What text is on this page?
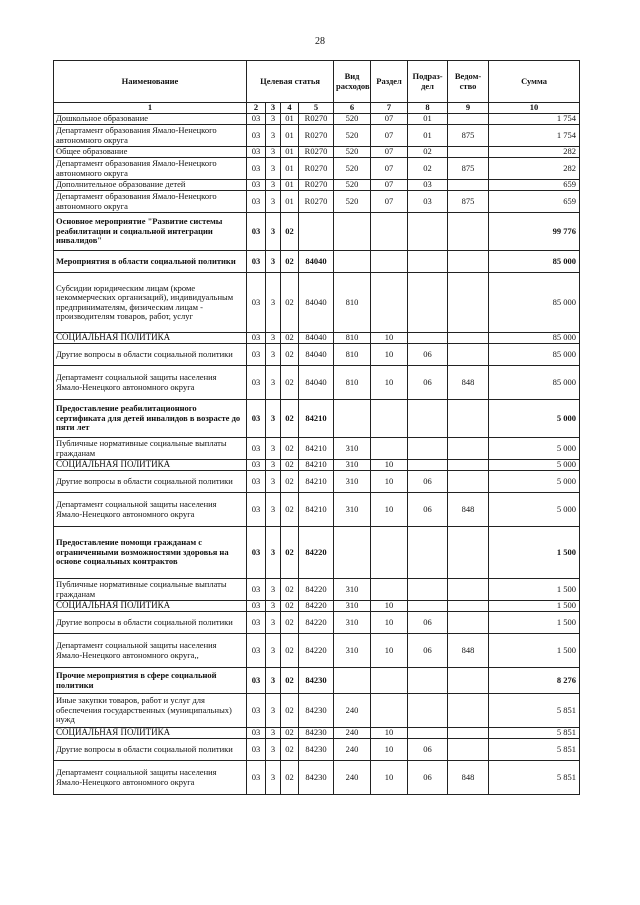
28
Наименование	Целевая статья				Вид расходов	Раздел	Подраз-дел	Ведом-ство	Сумма
1	2	3	4	5	6	7	8	9	10
Дошкольное образование	03	3	01	R0270	520	07	01		1 754
Департамент образования Ямало-Ненецкого автономного округа	03	3	01	R0270	520	07	01	875	1 754
Общее образование	03	3	01	R0270	520	07	02		282
Департамент образования Ямало-Ненецкого автономного округа	03	3	01	R0270	520	07	02	875	282
Дополнительное образование детей	03	3	01	R0270	520	07	03		659
Департамент образования Ямало-Ненецкого автономного округа	03	3	01	R0270	520	07	03	875	659
Основное мероприятие "Развитие системы реабилитации и социальной интеграции инвалидов"	03	3	02						99 776
Мероприятия в области социальной политики	03	3	02	84040					85 000
Субсидии юридическим лицам (кроме некоммерческих организаций), индивидуальным предпринимателям, физическим лицам - производителям товаров, работ, услуг	03	3	02	84040	810				85 000
СОЦИАЛЬНАЯ ПОЛИТИКА	03	3	02	84040	810	10			85 000
Другие вопросы в области социальной политики	03	3	02	84040	810	10	06		85 000
Департамент социальной защиты населения Ямало-Ненецкого автономного округа	03	3	02	84040	810	10	06	848	85 000
Предоставление реабилитационного сертификата для детей инвалидов в возрасте до пяти лет	03	3	02	84210					5 000
Публичные нормативные социальные выплаты гражданам	03	3	02	84210	310				5 000
СОЦИАЛЬНАЯ ПОЛИТИКА	03	3	02	84210	310	10			5 000
Другие вопросы в области социальной политики	03	3	02	84210	310	10	06		5 000
Департамент социальной защиты населения Ямало-Ненецкого автономного округа	03	3	02	84210	310	10	06	848	5 000
Предоставление помощи гражданам с ограниченными возможностями здоровья на основе социальных контрактов	03	3	02	84220					1 500
Публичные нормативные социальные выплаты гражданам	03	3	02	84220	310				1 500
СОЦИАЛЬНАЯ ПОЛИТИКА	03	3	02	84220	310	10			1 500
Другие вопросы в области социальной политики	03	3	02	84220	310	10	06		1 500
Департамент социальной защиты населения Ямало-Ненецкого автономного округа,,	03	3	02	84220	310	10	06	848	1 500
Прочие мероприятия в сфере социальной политики	03	3	02	84230					8 276
Иные закупки товаров, работ и услуг для обеспечения государственных (муниципальных) нужд	03	3	02	84230	240				5 851
СОЦИАЛЬНАЯ ПОЛИТИКА	03	3	02	84230	240	10			5 851
Другие вопросы в области социальной политики	03	3	02	84230	240	10	06		5 851
Департамент социальной защиты населения Ямало-Ненецкого автономного округа	03	3	02	84230	240	10	06	848	5 851
